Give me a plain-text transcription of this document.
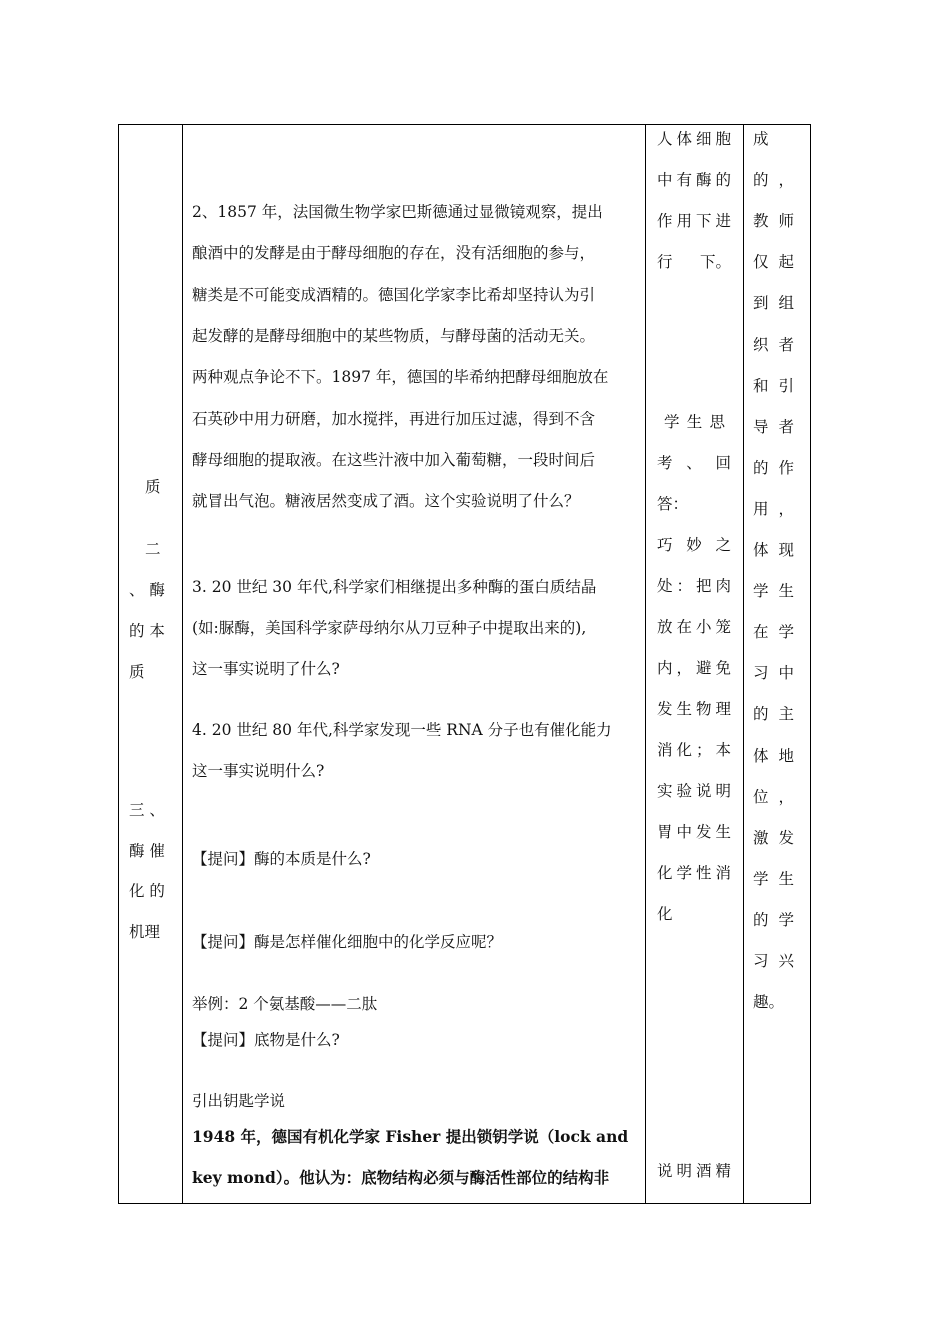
质
二
、 酶
的 本
质
三 、
酶 催
化 的
机理
2、1857 年，法国微生物学家巴斯德通过显微镜观察，提出
酿酒中的发酵是由于酵母细胞的存在，没有活细胞的参与，
糖类是不可能变成酒精的。德国化学家李比希却坚持认为引
起发酵的是酵母细胞中的某些物质，与酵母菌的活动无关。
两种观点争论不下。1897 年，德国的毕希纳把酵母细胞放在
石英砂中用力研磨，加水搅拌，再进行加压过滤，得到不含
酵母细胞的提取液。在这些汁液中加入葡萄糖，一段时间后
就冒出气泡。糖液居然变成了酒。这个实验说明了什么？
3. 20 世纪 30 年代,科学家们相继提出多种酶的蛋白质结晶
(如:脲酶，美国科学家萨母纳尔从刀豆种子中提取出来的),
这一事实说明了什么?
4. 20 世纪 80 年代,科学家发现一些 RNA 分子也有催化能力
这一事实说明什么?
【提问】酶的本质是什么?
【提问】酶是怎样催化细胞中的化学反应呢？
举例：2 个氨基酸——二肽
【提问】底物是什么?
引出钥匙学说
1948 年，德国有机化学家 Fisher 提出锁钥学说（lock and
key mond）。他认为：底物结构必须与酶活性部位的结构非
人 体 细 胞
中 有 酶 的
作 用 下 进
行 下。
学 生 思
考 、 回
答：
巧 妙 之
处 ： 把 肉
放 在 小 笼
内 ， 避 免
发 生 物 理
消 化 ； 本
实 验 说 明
胃 中 发 生
化 学 性 消
化
说 明 酒 精
成
的 ，
教 师
仅 起
到 组
织 者
和 引
导 者
的 作
用 ，
体 现
学 生
在 学
习 中
的 主
体 地
位 ，
激 发
学 生
的 学
习 兴
趣。
